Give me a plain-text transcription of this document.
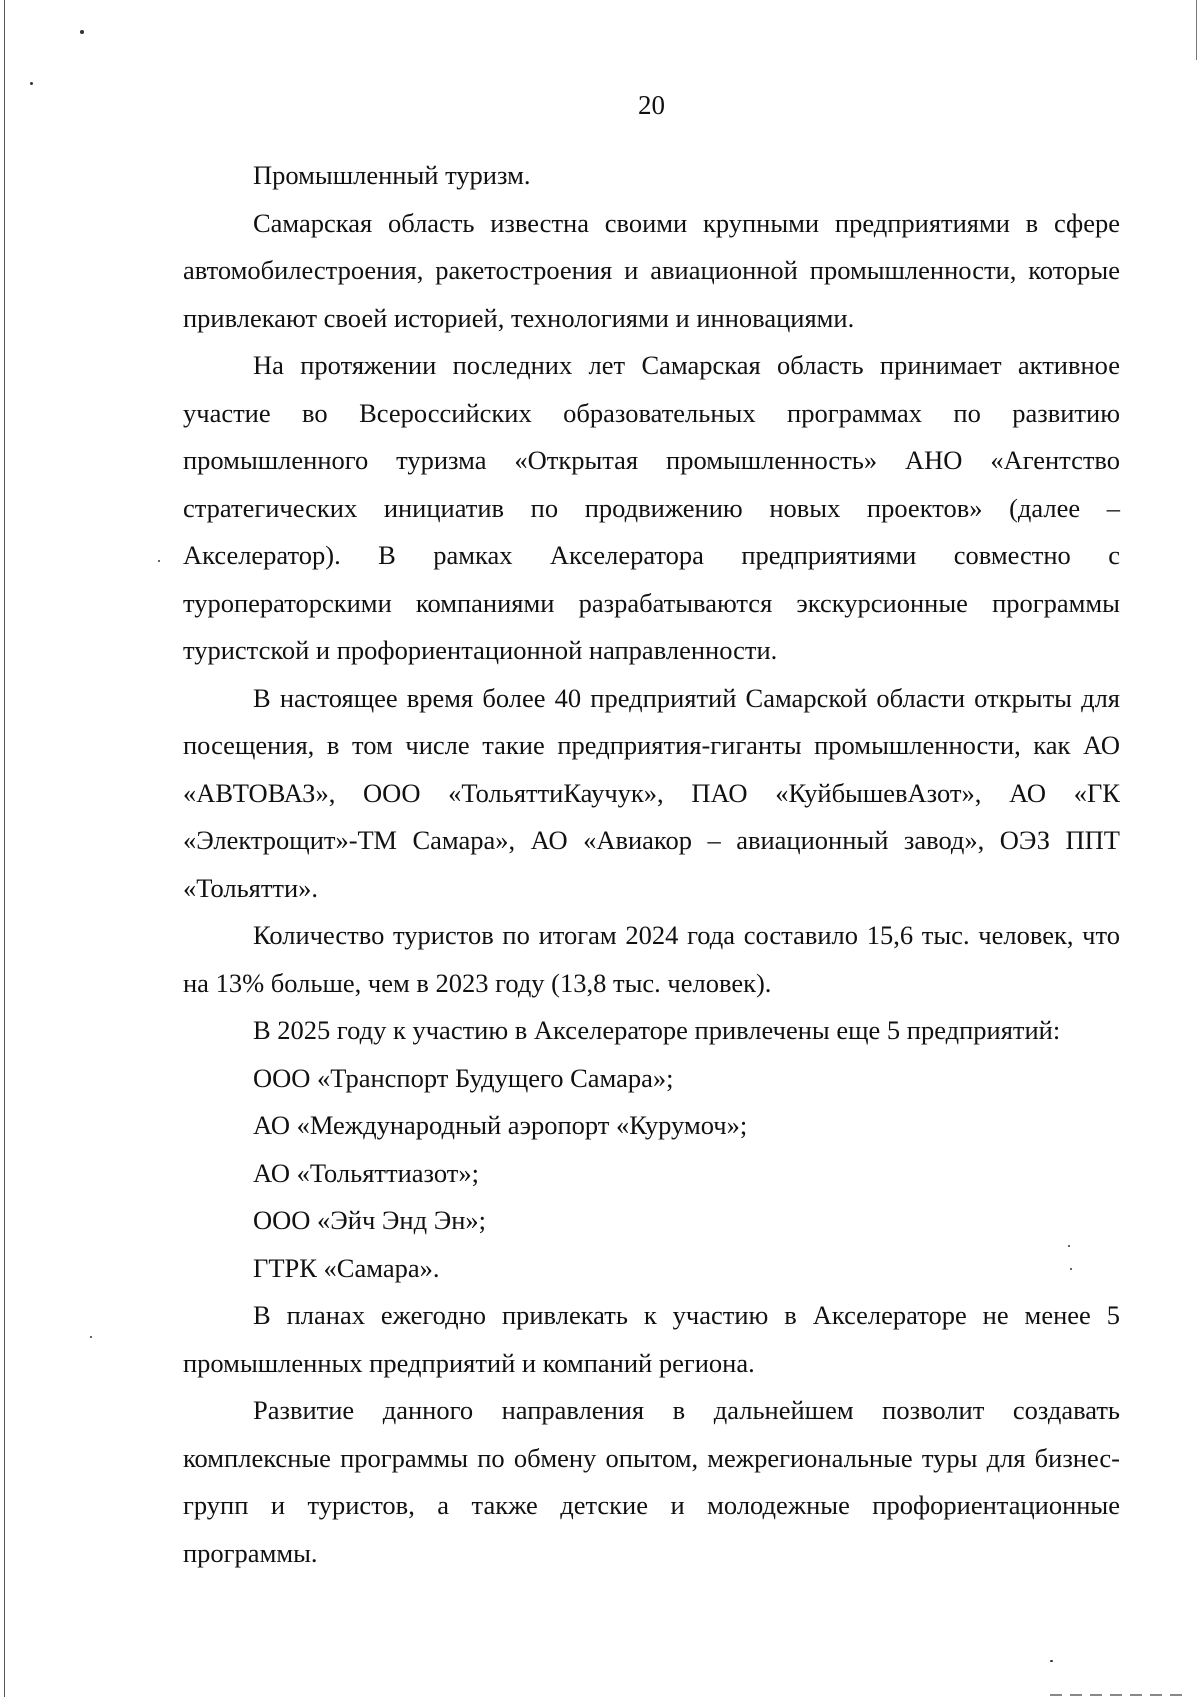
20

Промышленный туризм.

Самарская область известна своими крупными предприятиями в сфере автомобилестроения, ракетостроения и авиационной промышленности, которые привлекают своей историей, технологиями и инновациями.

На протяжении последних лет Самарская область принимает активное участие во Всероссийских образовательных программах по развитию промышленного туризма «Открытая промышленность» АНО «Агентство стратегических инициатив по продвижению новых проектов» (далее – Акселератор). В рамках Акселератора предприятиями совместно с туроператорскими компаниями разрабатываются экскурсионные программы туристской и профориентационной направленности.

В настоящее время более 40 предприятий Самарской области открыты для посещения, в том числе такие предприятия-гиганты промышленности, как АО «АВТОВАЗ», ООО «ТольяттиКаучук», ПАО «КуйбышевАзот», АО «ГК «Электрощит»-ТМ Самара», АО «Авиакор – авиационный завод», ОЭЗ ППТ «Тольятти».

Количество туристов по итогам 2024 года составило 15,6 тыс. человек, что на 13% больше, чем в 2023 году (13,8 тыс. человек).

В 2025 году к участию в Акселераторе привлечены еще 5 предприятий:

ООО «Транспорт Будущего Самара»;

АО «Международный аэропорт «Курумоч»;

АО «Тольяттиазот»;

ООО «Эйч Энд Эн»;

ГТРК «Самара».

В планах ежегодно привлекать к участию в Акселераторе не менее 5 промышленных предприятий и компаний региона.

Развитие данного направления в дальнейшем позволит создавать комплексные программы по обмену опытом, межрегиональные туры для бизнес-групп и туристов, а также детские и молодежные профориентационные программы.
